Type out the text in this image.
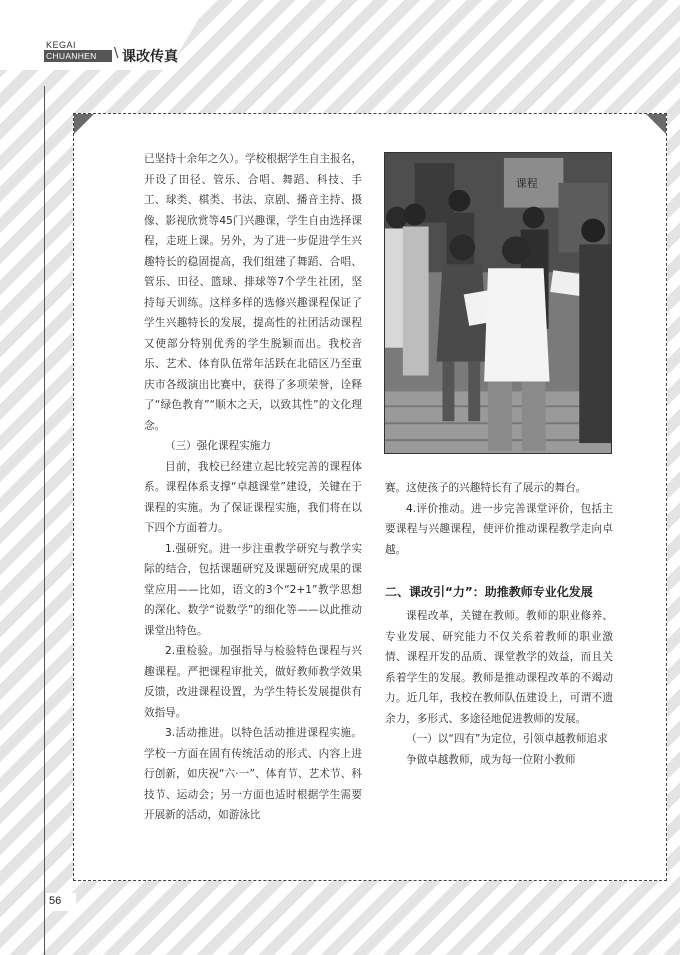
KEGAI
CHUANHEN	\ 课改传真
56

已坚持十余年之久）。学校根据学生自主报名，开设了田径、管乐、合唱、舞蹈、科技、手工、球类、棋类、书法、京剧、播音主持、摄像、影视欣赏等45门兴趣课，学生自由选择课程，走班上课。另外，为了进一步促进学生兴趣特长的稳固提高，我们组建了舞蹈、合唱、管乐、田径、篮球、排球等7个学生社团，坚持每天训练。这样多样的选修兴趣课程保证了学生兴趣特长的发展，提高性的社团活动课程又使部分特别优秀的学生脱颖而出。我校音乐、艺术、体育队伍常年活跃在北碚区乃至重庆市各级演出比赛中，获得了多项荣誉，诠释了“绿色教育”“顺木之天，以致其性”的文化理念。

（三）强化课程实施力

目前，我校已经建立起比较完善的课程体系。课程体系支撑“卓越课堂”建设，关键在于课程的实施。为了保证课程实施，我们将在以下四个方面着力。

1.强研究。进一步注重教学研究与教学实际的结合，包括课题研究及课题研究成果的课堂应用——比如，语文的3个“2+1”教学思想的深化、数学“说数学”的细化等——以此推动课堂出特色。

2.重检验。加强指导与检验特色课程与兴趣课程。严把课程审批关，做好教师教学效果反馈，改进课程设置，为学生特长发展提供有效指导。

3.活动推进。以特色活动推进课程实施。学校一方面在固有传统活动的形式、内容上进行创新，如庆祝“六·一”、体育节、艺术节、科技节、运动会；另一方面也适时根据学生需要开展新的活动，如游泳比

课程

赛。这使孩子的兴趣特长有了展示的舞台。

4.评价推动。进一步完善课堂评价，包括主要课程与兴趣课程，使评价推动课程教学走向卓越。

二、课改引“力”：助推教师专业化发展

课程改革，关键在教师。教师的职业修养、专业发展、研究能力不仅关系着教师的职业激情、课程开发的品质、课堂教学的效益，而且关系着学生的发展。教师是推动课程改革的不竭动力。近几年，我校在教师队伍建设上，可谓不遗余力，多形式、多途径地促进教师的发展。

（一）以“四有”为定位，引领卓越教师追求

争做卓越教师，成为每一位附小教师
